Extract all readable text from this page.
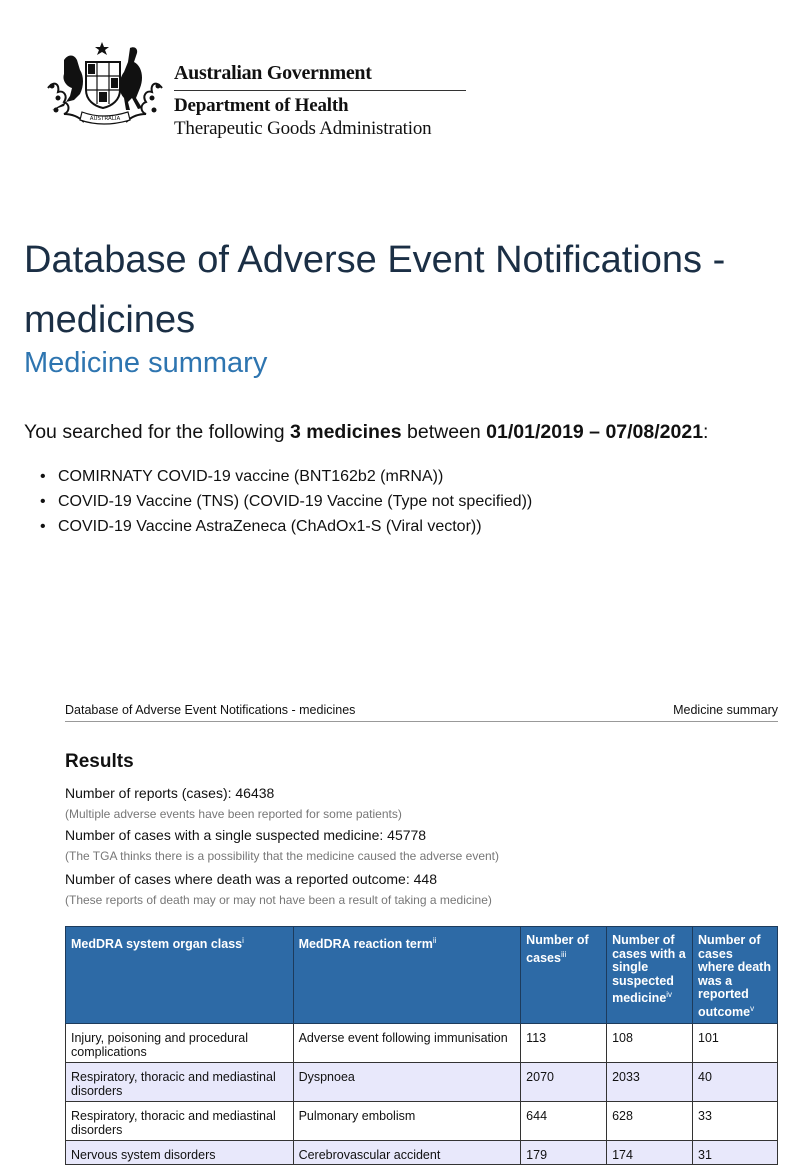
AUSTRALIA
Australian Government
Department of Health
Therapeutic Goods Administration
Database of Adverse Event Notifications -
medicines
Medicine summary
You searched for the following 3 medicines between 01/01/2019 – 07/08/2021:
• COMIRNATY COVID-19 vaccine (BNT162b2 (mRNA))
• COVID-19 Vaccine (TNS) (COVID-19 Vaccine (Type not specified))
• COVID-19 Vaccine AstraZeneca (ChAdOx1-S (Viral vector))
Database of Adverse Event Notifications - medicines	Medicine summary
Results
Number of reports (cases): 46438
(Multiple adverse events have been reported for some patients)
Number of cases with a single suspected medicine: 45778
(The TGA thinks there is a possibility that the medicine caused the adverse event)
Number of cases where death was a reported outcome: 448
(These reports of death may or may not have been a result of taking a medicine)
MedDRA system organ class$^i$	MedDRA reaction term$^{ii}$	Number of cases$^{iii}$	Number of cases with a single suspected medicine$^{iv}$	Number of cases where death was a reported outcome$^v$
Injury, poisoning and procedural complications	Adverse event following immunisation	113	108	101
Respiratory, thoracic and mediastinal disorders	Dyspnoea	2070	2033	40
Respiratory, thoracic and mediastinal disorders	Pulmonary embolism	644	628	33
Nervous system disorders	Cerebrovascular accident	179	174	31
